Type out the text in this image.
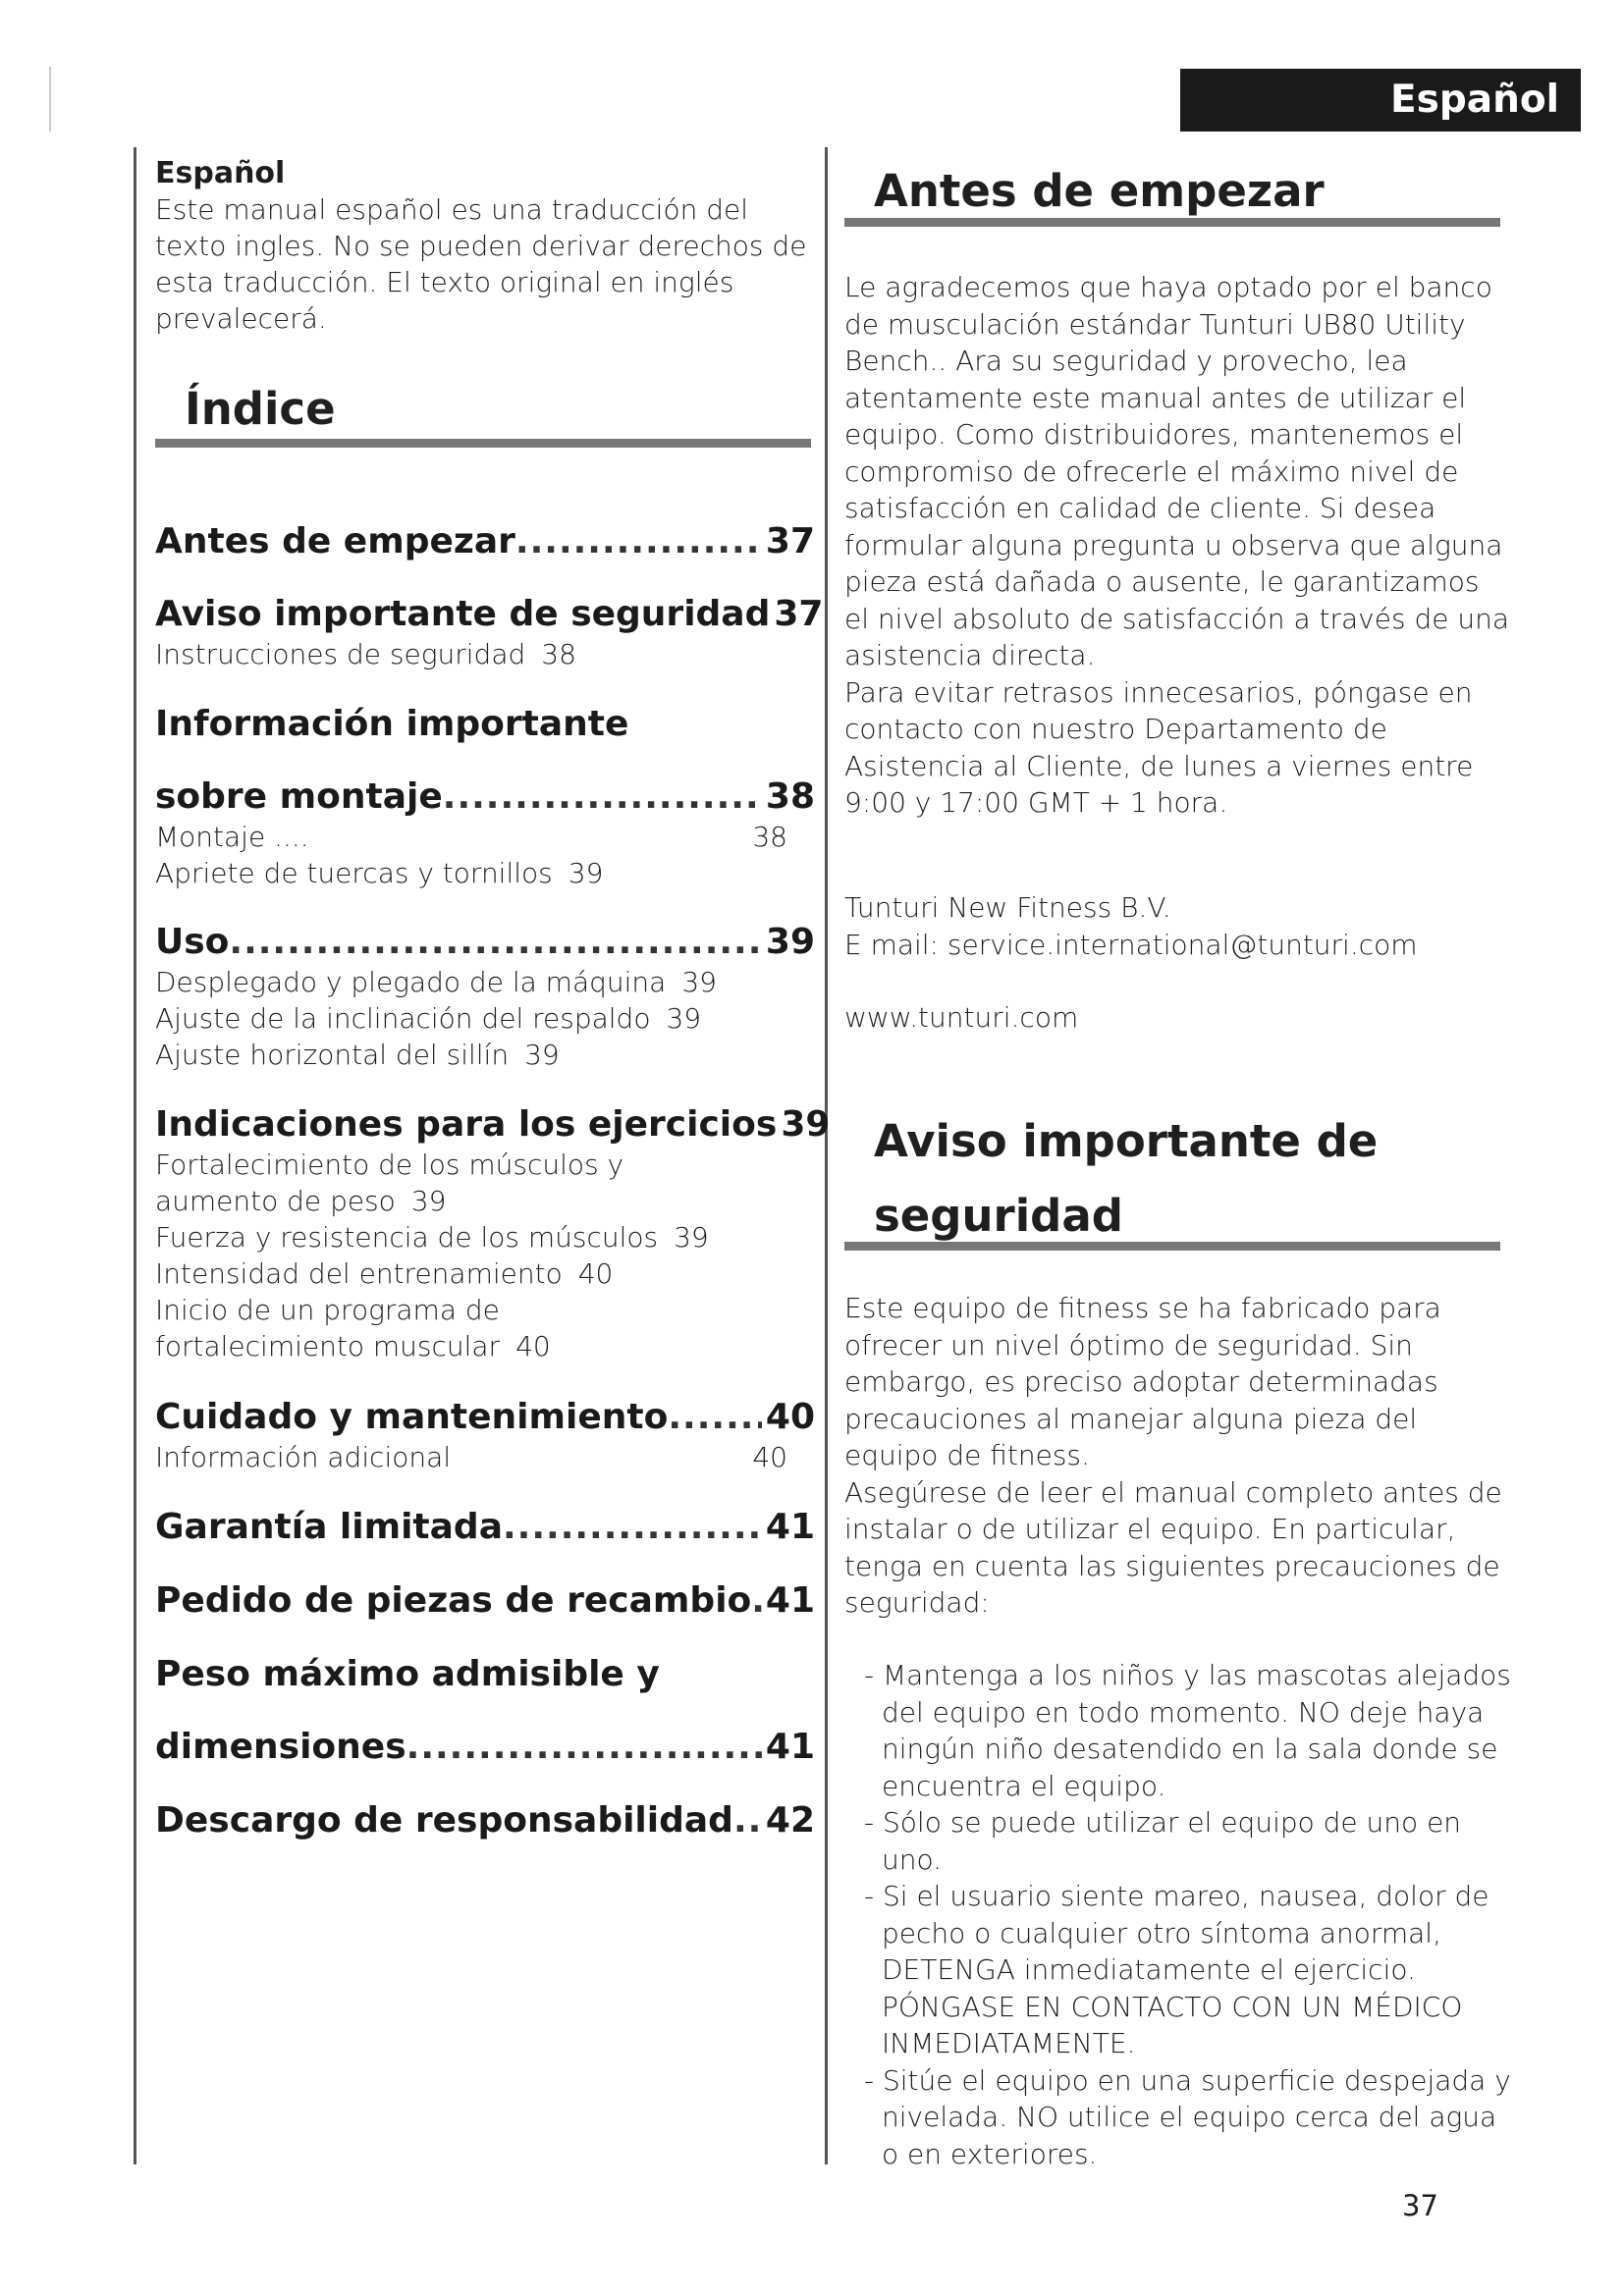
Español
Español
Este manual español es una traducción del texto ingles. No se pueden derivar derechos de esta traducción. El texto original en inglés prevalecerá.
Índice
Antes de empezar .....	37
Aviso importante de seguridad 37
Instrucciones de seguridad 38
Información importante
sobre montaje .....	38
Montaje ....	38
Apriete de tuercas y tornillos 39
Uso .....	39
Desplegado y plegado de la máquina 39
Ajuste de la inclinación del respaldo 39
Ajuste horizontal del sillín 39
Indicaciones para los ejercicios 39
Fortalecimiento de los músculos y
aumento de peso 39
Fuerza y resistencia de los músculos 39
Intensidad del entrenamiento 40
Inicio de un programa de
fortalecimiento muscular 40
Cuidado y mantenimiento .....	40
Información adicional	40
Garantía limitada .....	41
Pedido de piezas de recambio ..... 41
Peso máximo admisible y
dimensiones .....	41
Descargo de responsabilidad ..... 42
Antes de empezar

Le agradecemos que haya optado por el banco de musculación estándar Tunturi UB80 Utility Bench.. Ara su seguridad y provecho, lea atentamente este manual antes de utilizar el equipo. Como distribuidores, mantenemos el compromiso de ofrecerle el máximo nivel de satisfacción en calidad de cliente. Si desea formular alguna pregunta u observa que alguna pieza está dañada o ausente, le garantizamos el nivel absoluto de satisfacción a través de una asistencia directa.

Para evitar retrasos innecesarios, póngase en contacto con nuestro Departamento de Asistencia al Cliente, de lunes a viernes entre 9:00 y 17:00 GMT + 1 hora.

Tunturi New Fitness B.V.

E mail: service.international@tunturi.com

www.tunturi.com

Aviso importante de
seguridad

Este equipo de fitness se ha fabricado para ofrecer un nivel óptimo de seguridad. Sin embargo, es preciso adoptar determinadas precauciones al manejar alguna pieza del equipo de fitness.

Asegúrese de leer el manual completo antes de instalar o de utilizar el equipo. En particular, tenga en cuenta las siguientes precauciones de seguridad:

- Mantenga a los niños y las mascotas alejados del equipo en todo momento. NO deje haya ningún niño desatendido en la sala donde se encuentra el equipo.

- Sólo se puede utilizar el equipo de uno en uno.

- Si el usuario siente mareo, nausea, dolor de pecho o cualquier otro síntoma anormal, DETENGA inmediatamente el ejercicio. PÓNGASE EN CONTACTO CON UN MÉDICO INMEDIATAMENTE.

- Sitúe el equipo en una superficie despejada y nivelada. NO utilice el equipo cerca del agua o en exteriores.

37
